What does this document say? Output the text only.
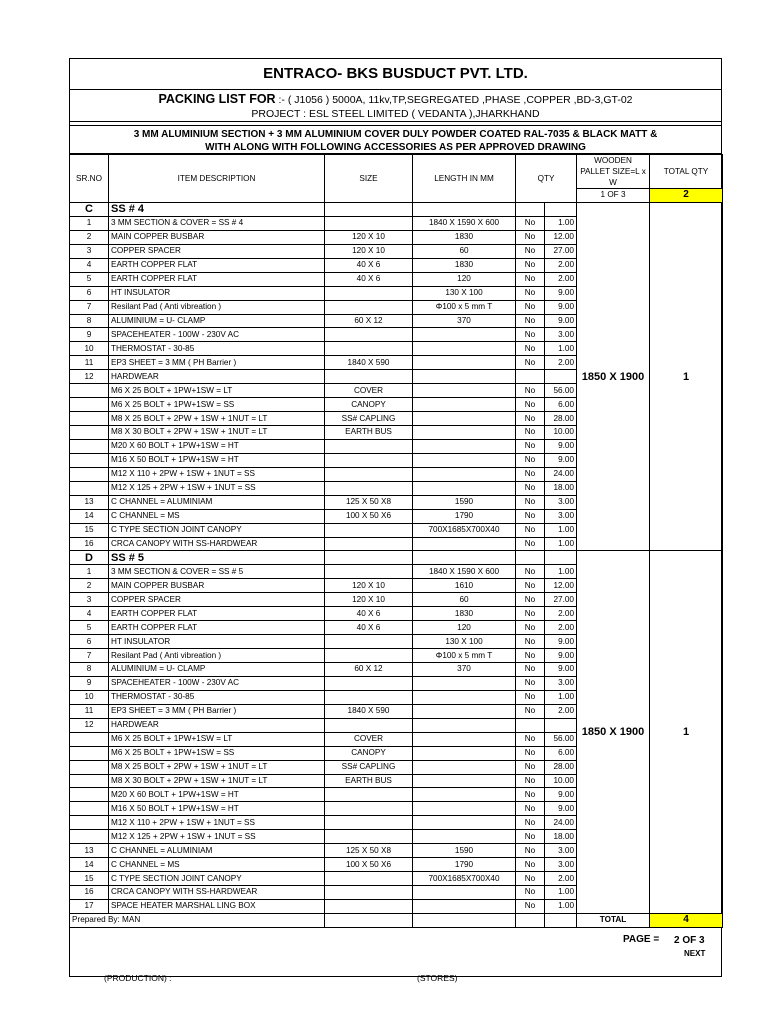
ENTRACO- BKS BUSDUCT PVT. LTD.
PACKING LIST FOR :- ( J1056 ) 5000A, 11kv,TP,SEGREGATED ,PHASE ,COPPER ,BD-3,GT-02
PROJECT : ESL STEEL LIMITED ( VEDANTA ),JHARKHAND
3 MM ALUMINIUM SECTION + 3 MM ALUMINIUM COVER DULY POWDER COATED RAL-7035 & BLACK MATT &
WITH ALONG WITH FOLLOWING ACCESSORIES AS PER APPROVED DRAWING
SR.NO	ITEM DESCRIPTION	SIZE	LENGTH IN MM	QTY		WOODEN PALLET SIZE=L x W	TOTAL QTY
						1 OF 3	2
C	SS # 4					1850 X 1900	1
1	3 MM SECTION & COVER = SS # 4		1840 X 1590 X 600	No	1.00		
2	MAIN COPPER BUSBAR	120 X 10	1830	No	12.00		
3	COPPER SPACER	120 X 10	60	No	27.00		
4	EARTH COPPER FLAT	40 X 6	1830	No	2.00		
5	EARTH COPPER FLAT	40 X 6	120	No	2.00		
6	HT INSULATOR		130 X 100	No	9.00		
7	Resilant Pad ( Anti vibreation )		Φ100 x 5 mm T	No	9.00		
8	ALUMINIUM = U- CLAMP	60 X 12	370	No	9.00		
9	SPACEHEATER - 100W - 230V AC			No	3.00		
10	THERMOSTAT - 30-85			No	1.00		
11	EP3 SHEET = 3 MM ( PH Barrier )	1840 X 590		No	2.00		
12	HARDWEAR						
	M6 X 25 BOLT + 1PW+1SW = LT	COVER		No	56.00		
	M6 X 25 BOLT + 1PW+1SW = SS	CANOPY		No	6.00		
	M8 X 25 BOLT + 2PW + 1SW + 1NUT = LT	SS# CAPLING		No	28.00		
	M8 X 30 BOLT + 2PW + 1SW + 1NUT = LT	EARTH BUS		No	10.00		
	M20 X 60 BOLT + 1PW+1SW = HT			No	9.00		
	M16 X 50 BOLT + 1PW+1SW = HT			No	9.00		
	M12 X 110 + 2PW + 1SW + 1NUT = SS			No	24.00		
	M12 X 125 + 2PW + 1SW + 1NUT = SS			No	18.00		
13	C CHANNEL = ALUMINIAM	125 X 50 X8	1590	No	3.00		
14	C CHANNEL = MS	100 X 50 X6	1790	No	3.00		
15	C TYPE SECTION JOINT CANOPY		700X1685X700X40	No	1.00		
16	CRCA CANOPY WITH SS-HARDWEAR			No	1.00		
D	SS # 5					1850 X 1900	1
1	3 MM SECTION & COVER = SS # 5		1840 X 1590 X 600	No	1.00		
2	MAIN COPPER BUSBAR	120 X 10	1610	No	12.00		
3	COPPER SPACER	120 X 10	60	No	27.00		
4	EARTH COPPER FLAT	40 X 6	1830	No	2.00		
5	EARTH COPPER FLAT	40 X 6	120	No	2.00		
6	HT INSULATOR		130 X 100	No	9.00		
7	Resilant Pad ( Anti vibreation )		Φ100 x 5 mm T	No	9.00		
8	ALUMINIUM = U- CLAMP	60 X 12	370	No	9.00		
9	SPACEHEATER - 100W - 230V AC			No	3.00		
10	THERMOSTAT - 30-85			No	1.00		
11	EP3 SHEET = 3 MM ( PH Barrier )	1840 X 590		No	2.00		
12	HARDWEAR						
	M6 X 25 BOLT + 1PW+1SW = LT	COVER		No	56.00		
	M6 X 25 BOLT + 1PW+1SW = SS	CANOPY		No	6.00		
	M8 X 25 BOLT + 2PW + 1SW + 1NUT = LT	SS# CAPLING		No	28.00		
	M8 X 30 BOLT + 2PW + 1SW + 1NUT = LT	EARTH BUS		No	10.00		
	M20 X 60 BOLT + 1PW+1SW = HT			No	9.00		
	M16 X 50 BOLT + 1PW+1SW = HT			No	9.00		
	M12 X 110 + 2PW + 1SW + 1NUT = SS			No	24.00		
	M12 X 125 + 2PW + 1SW + 1NUT = SS			No	18.00		
13	C CHANNEL = ALUMINIAM	125 X 50 X8	1590	No	3.00		
14	C CHANNEL = MS	100 X 50 X6	1790	No	3.00		
15	C TYPE SECTION JOINT CANOPY		700X1685X700X40	No	2.00		
16	CRCA CANOPY WITH SS-HARDWEAR			No	1.00		
17	SPACE HEATER MARSHAL LING BOX			No	1.00		
Prepared By: MAN					TOTAL	4
PAGE = 2 OF 3
NEXT
(PRODUCTION) :	(STORES)
